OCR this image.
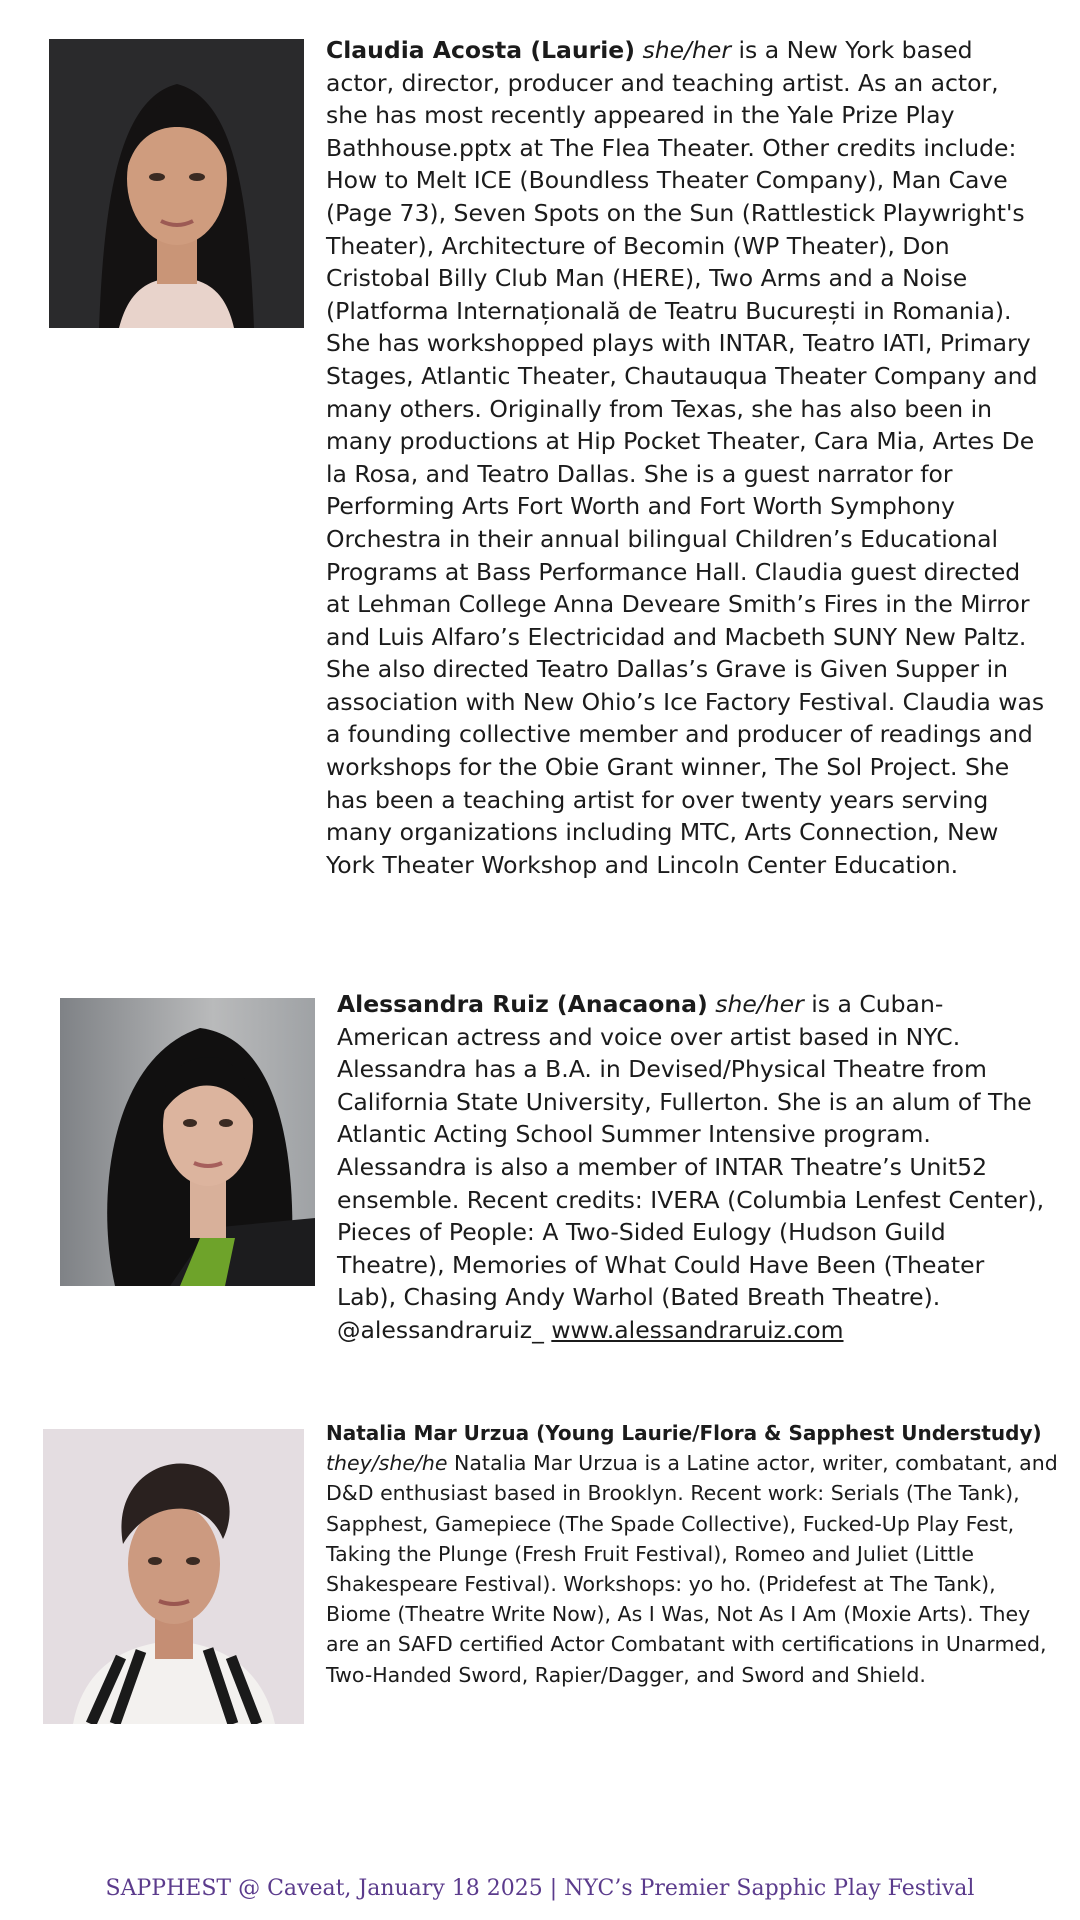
Claudia Acosta (Laurie) she/her is a New York based actor, director, producer and teaching artist. As an actor, she has most recently appeared in the Yale Prize Play Bathhouse.pptx at The Flea Theater. Other credits include: How to Melt ICE (Boundless Theater Company), Man Cave (Page 73), Seven Spots on the Sun (Rattlestick Playwright's Theater), Architecture of Becomin (WP Theater), Don Cristobal Billy Club Man (HERE), Two Arms and a Noise (Platforma Internațională de Teatru București in Romania). She has workshopped plays with INTAR, Teatro IATI, Primary Stages, Atlantic Theater, Chautauqua Theater Company and many others. Originally from Texas, she has also been in many productions at Hip Pocket Theater, Cara Mia, Artes De la Rosa, and Teatro Dallas. She is a guest narrator for Performing Arts Fort Worth and Fort Worth Symphony Orchestra in their annual bilingual Children’s Educational Programs at Bass Performance Hall. Claudia guest directed at Lehman College Anna Deveare Smith’s Fires in the Mirror and Luis Alfaro’s Electricidad and Macbeth SUNY New Paltz. She also directed Teatro Dallas’s Grave is Given Supper in association with New Ohio’s Ice Factory Festival. Claudia was a founding collective member and producer of readings and workshops for the Obie Grant winner, The Sol Project. She has been a teaching artist for over twenty years serving many organizations including MTC, Arts Connection, New York Theater Workshop and Lincoln Center Education.

Alessandra Ruiz (Anacaona) she/her is a Cuban-American actress and voice over artist based in NYC. Alessandra has a B.A. in Devised/Physical Theatre from California State University, Fullerton. She is an alum of The Atlantic Acting School Summer Intensive program. Alessandra is also a member of INTAR Theatre’s Unit52 ensemble. Recent credits: IVERA (Columbia Lenfest Center), Pieces of People: A Two-Sided Eulogy (Hudson Guild Theatre), Memories of What Could Have Been (Theater Lab), Chasing Andy Warhol (Bated Breath Theatre). @alessandraruiz_ www.alessandraruiz.com

Natalia Mar Urzua (Young Laurie/Flora & Sapphest Understudy)
they/she/he Natalia Mar Urzua is a Latine actor, writer, combatant, and D&D enthusiast based in Brooklyn. Recent work: Serials (The Tank), Sapphest, Gamepiece (The Spade Collective), Fucked-Up Play Fest, Taking the Plunge (Fresh Fruit Festival), Romeo and Juliet (Little Shakespeare Festival). Workshops: yo ho. (Pridefest at The Tank), Biome (Theatre Write Now), As I Was, Not As I Am (Moxie Arts). They are an SAFD certified Actor Combatant with certifications in Unarmed, Two-Handed Sword, Rapier/Dagger, and Sword and Shield.

SAPPHEST @ Caveat, January 18 2025 | NYC’s Premier Sapphic Play Festival
